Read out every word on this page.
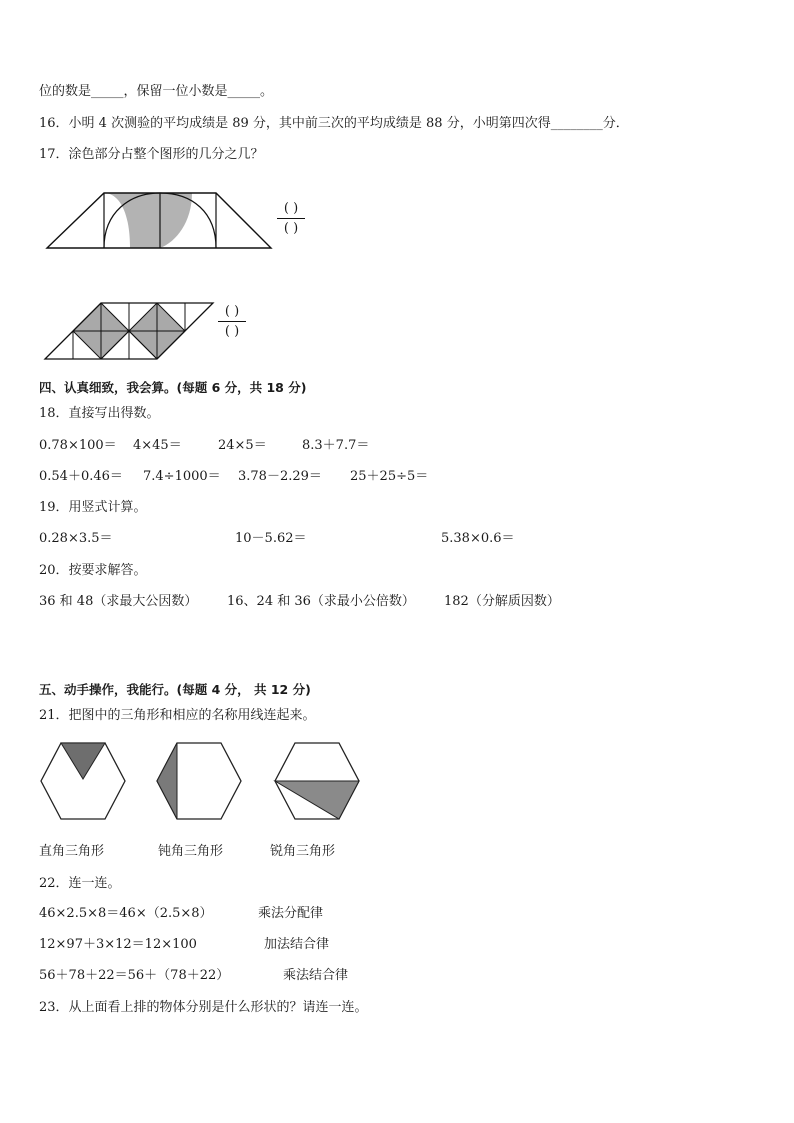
位的数是_____，保留一位小数是_____。
16．小明 4 次测验的平均成绩是 89 分，其中前三次的平均成绩是 88 分，小明第四次得________分．
17．涂色部分占整个图形的几分之几？
( )
( )
( )
( )
四、认真细致，我会算。(每题 6 分，共 18 分)
18．直接写出得数。
0.78×100＝ 4×45＝	24×5＝	8.3＋7.7＝
0.54＋0.46＝ 7.4÷1000＝ 3.78－2.29＝ 25＋25÷5＝
19．用竖式计算。
0.28×3.5＝	10－5.62＝	5.38×0.6＝
20．按要求解答。
36 和 48（求最大公因数） 16、24 和 36（求最小公倍数） 182（分解质因数）
五、动手操作，我能行。(每题 4 分， 共 12 分)
21．把图中的三角形和相应的名称用线连起来。
直角三角形	钝角三角形	锐角三角形
22．连一连。
46×2.5×8＝46×（2.5×8）	乘法分配律
12×97＋3×12＝12×100	加法结合律
56＋78＋22＝56＋（78＋22）	乘法结合律
23．从上面看上排的物体分别是什么形状的？请连一连。
